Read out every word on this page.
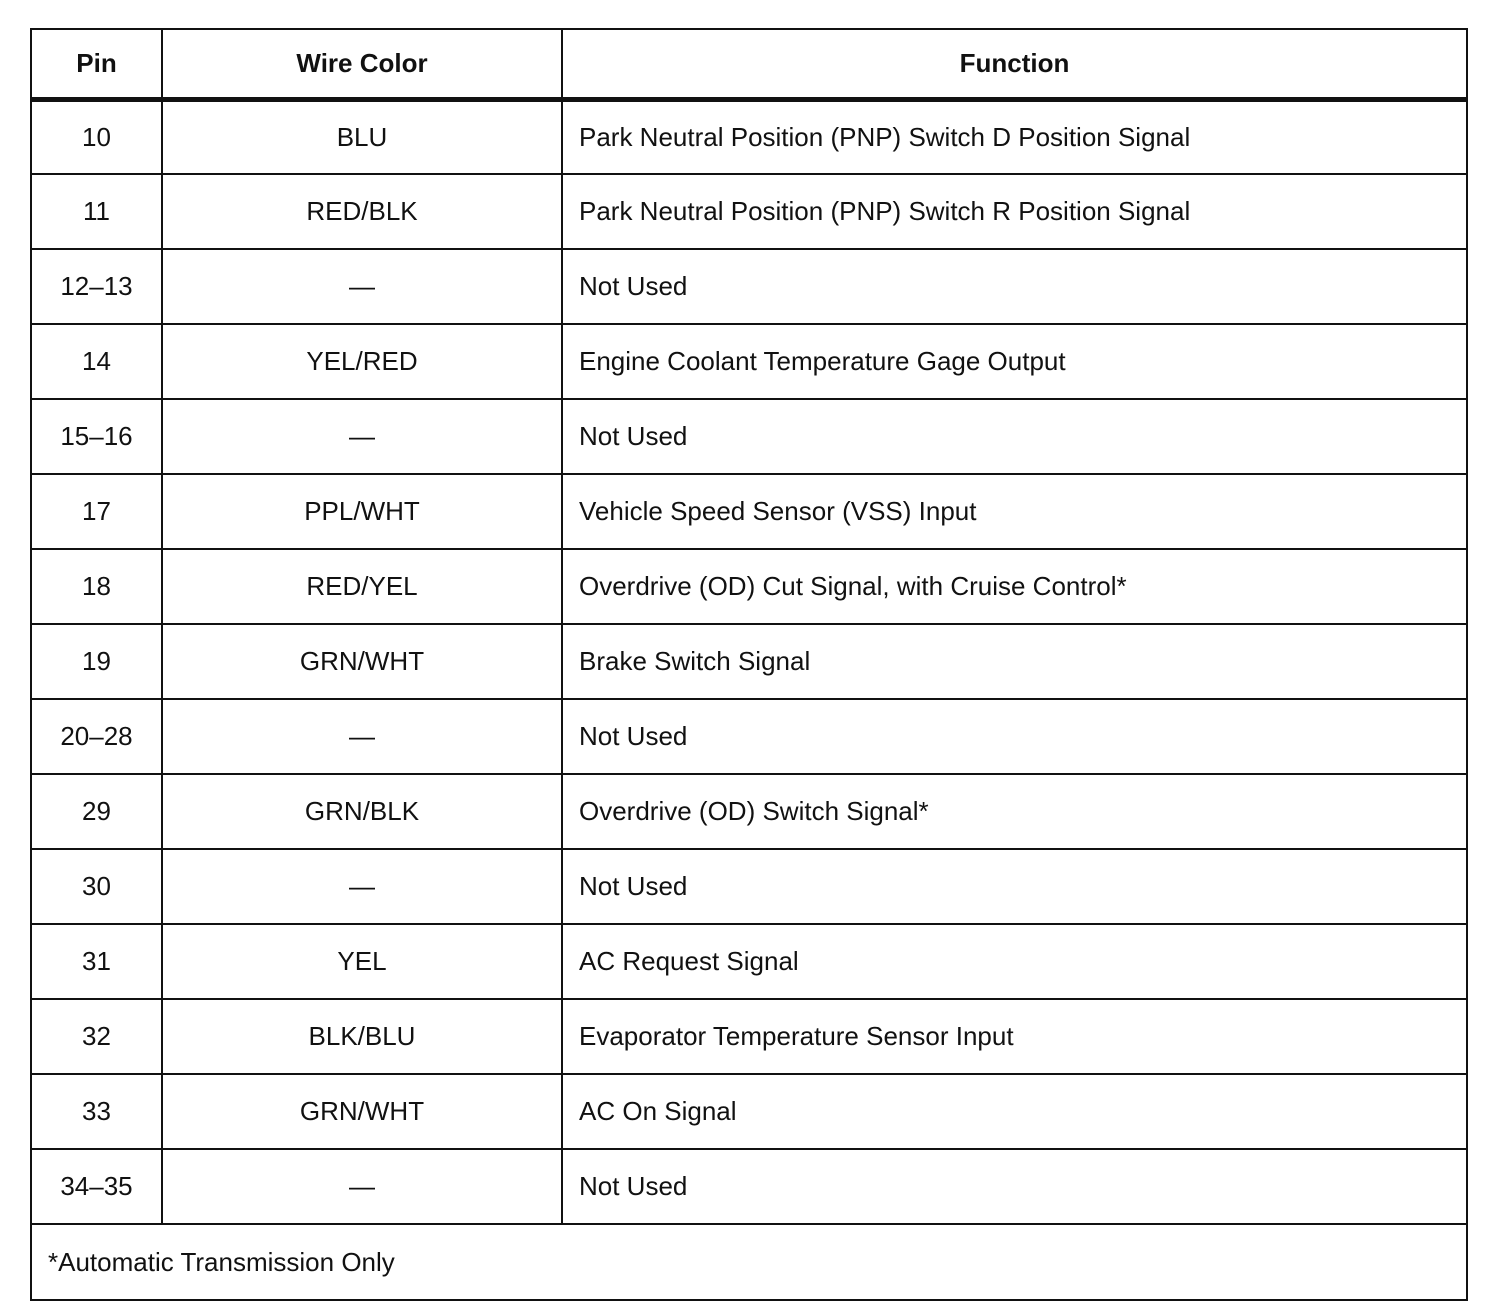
Pin	Wire Color	Function
10	BLU	Park Neutral Position (PNP) Switch D Position Signal
11	RED/BLK	Park Neutral Position (PNP) Switch R Position Signal
12–13	—	Not Used
14	YEL/RED	Engine Coolant Temperature Gage Output
15–16	—	Not Used
17	PPL/WHT	Vehicle Speed Sensor (VSS) Input
18	RED/YEL	Overdrive (OD) Cut Signal, with Cruise Control*
19	GRN/WHT	Brake Switch Signal
20–28	—	Not Used
29	GRN/BLK	Overdrive (OD) Switch Signal*
30	—	Not Used
31	YEL	AC Request Signal
32	BLK/BLU	Evaporator Temperature Sensor Input
33	GRN/WHT	AC On Signal
34–35	—	Not Used
*Automatic Transmission Only		
